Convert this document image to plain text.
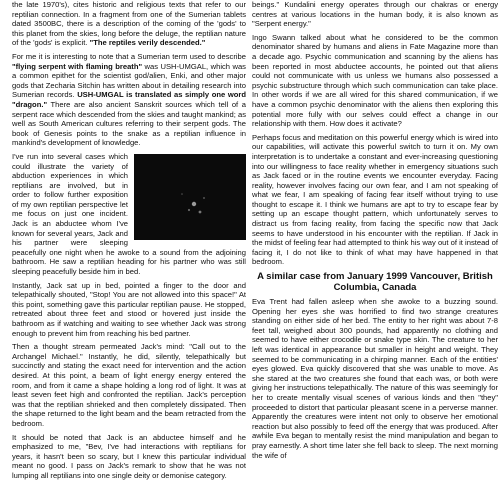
the late 1970's), cites historic and religious texts that refer to our reptilian connection. In a fragment from one of the Sumerian tablets dated 3500BC, there is a description of the coming of the 'gods' to this planet from the skies, long before the deluge, the reptilian nature of the 'gods' is explicit. "The reptiles verily descended."

For me it is interesting to note that a Sumerian term used to describe "flying serpent with flaming breath" was USH-UMGAL, which was a common epithet for the scientist god/alien, Enki, and other major gods that Zecharia Sitchin has written about in detailing research into Sumerian records. USH-UMGAL is translated as simply one word "dragon." There are also ancient Sanskrit sources which tell of a serpent race which descended from the skies and taught mankind; as well as South American cultures referring to their serpent gods. The book of Genesis points to the snake as a reptilian influence in mankind's development of knowledge.

I've run into several cases which could illustrate the variety of abduction experiences in which reptilians are involved, but in order to follow further exposition of my own reptilian perspective let me focus on just one incident. Jack is an abductee whom I've known for several years, Jack and his partner were sleeping peacefully one night when he awoke to a sound from the adjoining bathroom. He saw a reptilian heading for his partner who was still sleeping peacefully beside him in bed.

Instantly, Jack sat up in bed, pointed a finger to the door and telepathically shouted, "Stop! You are not allowed into this space!" At this point, something gave this particular reptilian pause. He stopped, retreated about three feet and stood or hovered just inside the bathroom as if watching and waiting to see whether Jack was strong enough to prevent him from reaching his bed partner.

Then a thought stream permeated Jack's mind: "Call out to the Archangel Michael." Instantly, he did, silently, telepathically but succinctly and stating the exact need for intervention and the action desired. At this point, a beam of light energy energy entered the room, and from it came a shape holding a long rod of light. It was at least seven feet high and confronted the reptilian. Jack's perception was that the reptilian shrieked and then completely dissipated. Then the shape returned to the light beam and the beam retracted from the bedroom.

It should be noted that Jack is an abductee himself and he emphasized to me, "Bev, I've had interactions with reptilians for years, it hasn't been so scary, but I knew this particular individual meant no good. I pass on Jack's remark to show that he was not lumping all reptilians into one single deity or demonise category.

beings." Kundalini energy operates through our chakras or energy centres at various locations in the human body, it is also known as "Serpent energy."

Ingo Swann talked about what he considered to be the common denominator shared by humans and aliens in Fate Magazine more than a decade ago. Psychic communication and scanning by the aliens has been reported in most abductee accounts, he pointed out that aliens could not communicate with us unless we humans also possessed a psychic substructure through which such communication can take place. In other words if we are all wired for this shared communication, if we have a common psychic denominator with the aliens then exploring this potential more fully with our selves could effect a change in our relationship with them. How does it activate?

Perhaps focus and meditation on this powerful energy which is wired into our capabilities, will activate this powerful switch to turn it on. My own interpretation is to undertake a constant and ever-increasing questioning into our willingness to face reality whether in emergency situations such as Jack faced or in the routine events we encounter everyday. Facing reality, however involves facing our own fear, and I am not speaking of what we fear, I am speaking of facing fear itself without trying to use thought to escape it. I think we humans are apt to try to escape fear by setting up an escape thought pattern, which unfortunately serves to distract us from facing reality, from facing the specific now that Jack seems to have understood in his encounter with the reptilian. If Jack in the midst of feeling fear had attempted to think his way out of it instead of facing it, I do not like to think of what may have happened in that bedroom.

A similar case from January 1999 Vancouver, British Columbia, Canada

Eva Trent had fallen asleep when she awoke to a buzzing sound. Opening her eyes she was horrified to find two strange creatures standing on either side of her bed. The entity to her right was about 7-8 feet tall, weighed about 300 pounds, had apparently no clothing and seemed to have either crocodile or snake type skin. The creature to her left was identical in appearance but smaller in height and weight. They seemed to be communicating in a chirping manner. Each of the entities' eyes glowed. Eva quickly discovered that she was unable to move. As she stared at the two creatures she found that each was, or both were giving her instructions telepathically. The nature of this was seemingly for her to create mentally visual scenes of various kinds and then "they" proceeded to distort that particular pleasant scene in a perverse manner. Apparently the creatures were intent not only to observe her emotional reaction but also possibly to feed off the energy that was produced. After awhile Eva began to mentally resist the mind manipulation and began to pray earnestly. A short time later she fell back to sleep. The next morning the wife of
